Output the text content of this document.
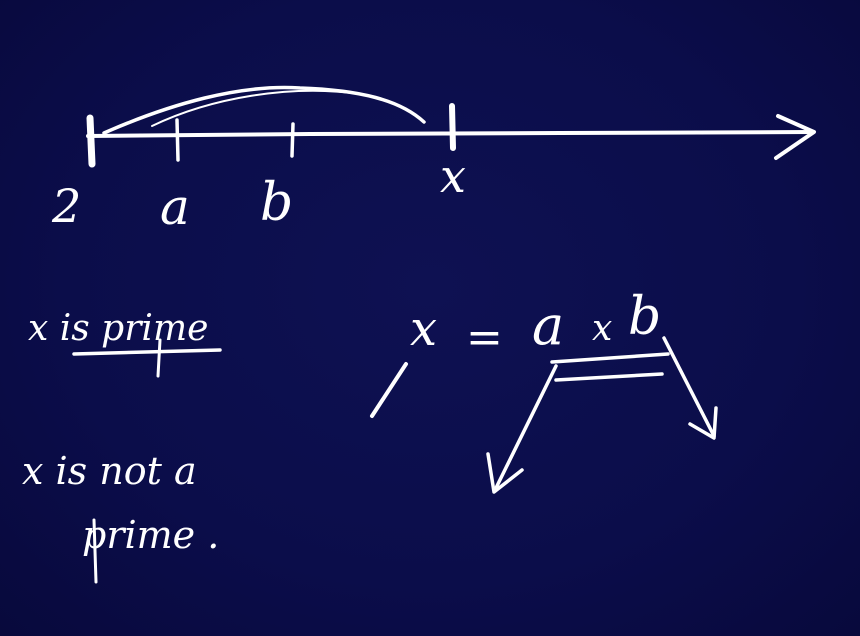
2 a b	x
x is prime
x is not a
prime .
x = a x b
